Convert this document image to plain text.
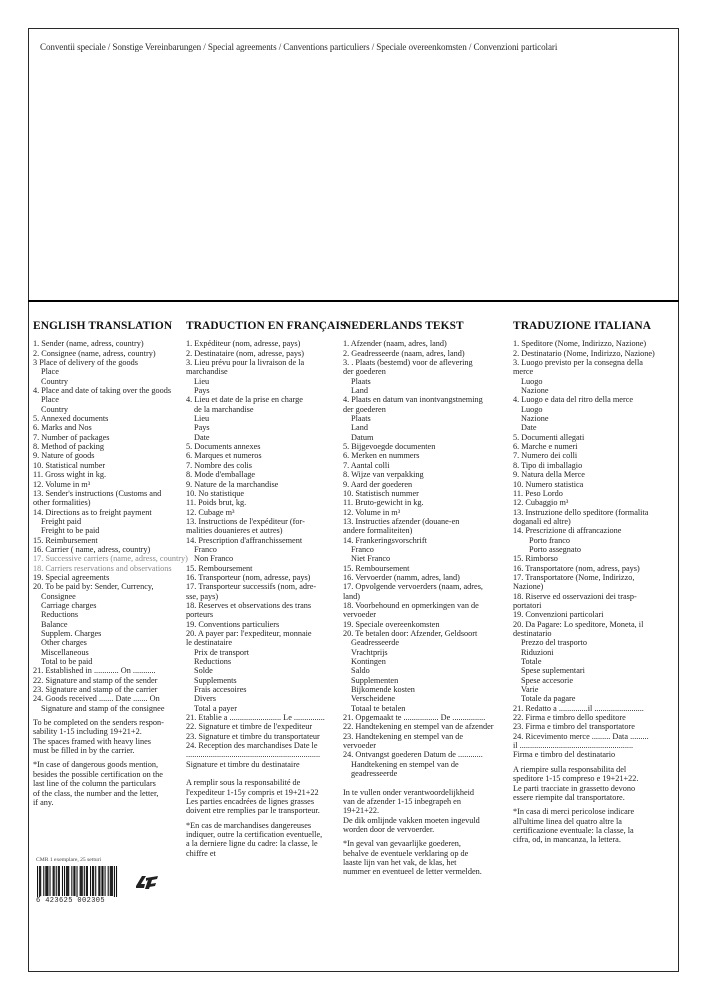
Conventii speciale / Sonstige Vereinbarungen / Special agreements / Canventions particuliers / Speciale overeenkomsten / Convenzioni particolari
ENGLISH TRANSLATION
1. Sender (name, adress, country)
2. Consignee (name, adress, country)
3 Place of delivery of the goods
Place
Country
4. Place and date of taking over the goods
Place
Country
5. Annexed documents
6. Marks and Nos
7. Number of packages
8. Method of packing
9. Nature of goods
10. Statistical number
11. Gross wight in kg.
12. Volume in m³
13. Sender's instructions (Customs and
other formalities)
14. Directions as to freight payment
Freight paid
Freight to be paid
15. Reimbursement
16. Carrier ( name, adress, country)
17. Successive carriers (name, adress, country)
18. Carriers reservations and observations
19. Special agreements
20. To be paid by: Sender, Currency,
Consignee
Carriage charges
Reductions
Balance
Supplem. Charges
Other charges
Miscellaneous
Total to be paid
21. Established in ............ On ...........
22. Signature and stamp of the sender
23. Signature and stamp of the carrier
24. Goods received ....... Date ....... On
Signature and stamp of the consignee
To be completed on the senders respon-
sability 1-15 including 19+21+2.
The spaces framed with heavy lines
must be filled in by the carrier.
*In case of dangerous goods mention,
besides the possible certification on the
last line of the column the particulars
of the class, the number and the letter,
if any.
TRADUCTION EN FRANÇAIS
1. Expéditeur (nom, adresse, pays)
2. Destinataire (nom, adresse, pays)
3. Lieu prévu pour la livraison de la
marchandise
Lieu
Pays
4. Lieu et date de la prise en charge
de la marchandise
Lieu
Pays
Date
5. Documents annexes
6. Marques et numeros
7. Nombre des colis
8. Mode d'emballage
9. Nature de la marchandise
10. No statistique
11. Poids brut, kg.
12. Cubage m³
13. Instructions de l'expéditeur (for-
malities douanieres et autres)
14. Prescription d'affranchissement
Franco
Non Franco
15. Remboursement
16. Transporteur (nom, adresse, pays)
17. Transporteur successifs (nom, adre-
sse, pays)
18. Reserves et observations des trans
porteurs
19. Conventions particuliers
20. A payer par: l'expediteur, monnaie
le destinataire
Prix de transport
Reductions
Solde
Supplements
Frais accesoires
Divers
Total a payer
21. Etablie a ......................... Le ...............
22. Signature et timbre de l'expediteur
23. Signature et timbre du transportateur
24. Reception des marchandises Date le
.................................................................
Signature et timbre du destinataire
A remplir sous la responsabilité de
l'expediteur 1-15y compris et 19+21+22
Les parties encadrées de lignes grasses
doivent etre remplies par le transporteur.
*En cas de marchandises dangereuses
indiquer, outre la certification eventuelle,
a la derniere ligne du cadre: la classe, le
chiffre et
NEDERLANDS TEKST
1. Afzender (naam, adres, land)
2. Geadresseerde (naam, adres, land)
3. . Plaats (bestemd) voor de aflevering
der goederen
Plaats
Land
4. Plaats en datum van inontvangstneming
der goederen
Plaats
Land
Datum
5. Bijgevoegde documenten
6. Merken en nummers
7. Aantal colli
8. Wijze van verpakking
9. Aard der goederen
10. Statistisch nummer
11. Bruto-gewicht in kg.
12. Volume in m³
13. Instructies afzender (douane-en
andere formaliteiten)
14. Frankeringsvorschrift
Franco
Niet Franco
15. Remboursement
16. Vervoerder (namm, adres, land)
17. Opvolgende vervoerders (naam, adres,
land)
18. Voorbehound en opmerkingen van de
vervoeder
19. Speciale overeenkomsten
20. Te betalen door: Afzender, Geldsoort
Geadresseerde
Vrachtprijs
Kontingen
Saldo
Supplementen
Bijkomende kosten
Verscheidene
Totaal te betalen
21. Opgemaakt te ................. De ................
22. Handtekening en stempel van de afzender
23. Handtekening en stempel van de
vervoeder
24. Ontvangst goederen Datum de ............
Handtekening en stempel van de
geadresseerde
In te vullen onder verantwoordelijkheid
van de afzender 1-15 inbegrapeh en
19+21+22.
De dik omlijnde vakken moeten ingevuld
worden door de vervoerder.
*In geval van gevaarlijke goederen,
behalve de eventuele verklaring op de
laaste lijn van het vak, de klas, het
nummer en eventueel de letter vermelden.
TRADUZIONE ITALIANA
1. Speditore (Nome, Indirizzo, Nazione)
2. Destinatario (Nome, Indirizzo, Nazione)
3. Luogo previsto per la consegna della
merce
Luogo
Nazione
4. Luogo e data del ritro della merce
Luogo
Nazione
Date
5. Documenti allegati
6. Marche e numeri
7. Numero dei colli
8. Tipo di imballagio
9. Natura della Merce
10. Numero statistica
11. Peso Lordo
12. Cubaggio m³
13. Instruzione dello speditore (formalita
doganali ed altre)
14. Prescrizione di affrancazione
Porto franco
Porto assegnato
15. Rimborso
16. Transportatore (nom, adress, pays)
17. Transportatore (Nome, Indirizzo,
Nazione)
18. Riserve ed osservazioni dei trasp-
portatori
19. Convenzioni particolari
20. Da Pagare: Lo speditore, Moneta, il
destinatario
Prezzo del trasporto
Riduzioni
Totale
Spese suplementari
Spese accesorie
Varie
Totale da pagare
21. Redatto a ..............il ........................
22. Firma e timbro dello speditore
23. Firma e timbro del transportatore
24. Ricevimento merce ......... Data .........
il .......................................................
Firma e timbro del destinatario
A riempire sulla responsabilita del
speditore 1-15 compreso e 19+21+22.
Le parti tracciate in grassetto devono
essere riempite dal transportatore.
*In casa di merci pericolose indicare
all'ultime linea del quatro altre la
certificazione eventuale: la classe, la
cifra, od, in mancanza, la lettera.
CMR 1 exemplare, 25 setturi
6 423625 002305
